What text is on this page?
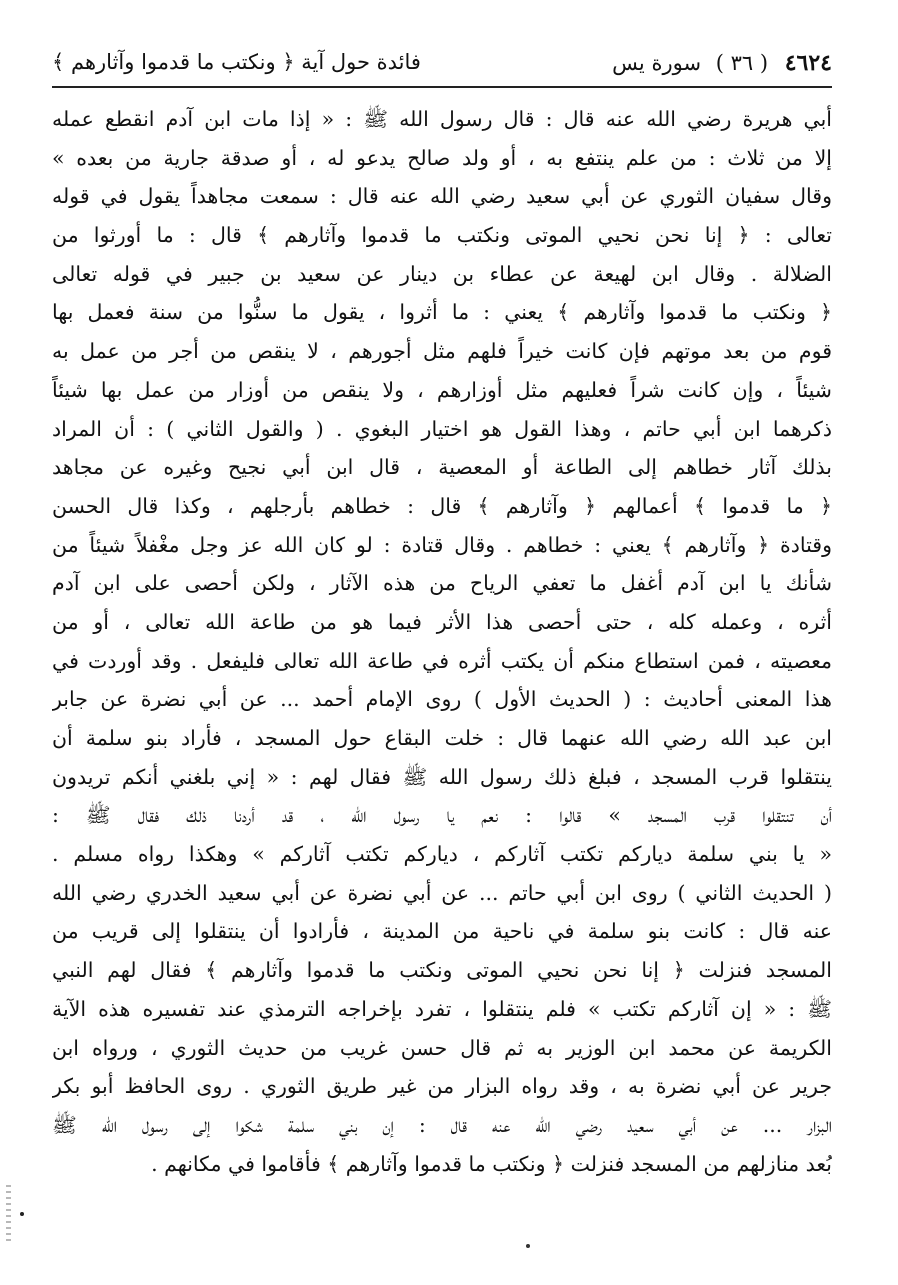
٤٦٢٤ ( ٣٦ ) سورة يس
فائدة حول آية ﴿ ونكتب ما قدموا وآثارهم ﴾
أبي هريرة رضي الله عنه قال : قال رسول الله ﷺ : « إذا مات ابن آدم انقطع عمله
إلا من ثلاث : من علم ينتفع به ، أو ولد صالح يدعو له ، أو صدقة جارية من بعده »
وقال سفيان الثوري عن أبي سعيد رضي الله عنه قال : سمعت مجاهداً يقول في قوله
تعالى : ﴿ إنا نحن نحيي الموتى ونكتب ما قدموا وآثارهم ﴾ قال : ما أورثوا من
الضلالة . وقال ابن لهيعة عن عطاء بن دينار عن سعيد بن جبير في قوله تعالى
﴿ ونكتب ما قدموا وآثارهم ﴾ يعني : ما أثروا ، يقول ما سنُّوا من سنة فعمل بها
قوم من بعد موتهم فإن كانت خيراً فلهم مثل أجورهم ، لا ينقص من أجر من عمل به
شيئاً ، وإن كانت شراً فعليهم مثل أوزارهم ، ولا ينقص من أوزار من عمل بها شيئاً
ذكرهما ابن أبي حاتم ، وهذا القول هو اختيار البغوي . ( والقول الثاني ) : أن المراد
بذلك آثار خطاهم إلى الطاعة أو المعصية ، قال ابن أبي نجيح وغيره عن مجاهد
﴿ ما قدموا ﴾ أعمالهم ﴿ وآثارهم ﴾ قال : خطاهم بأرجلهم ، وكذا قال الحسن
وقتادة ﴿ وآثارهم ﴾ يعني : خطاهم . وقال قتادة : لو كان الله عز وجل مغْفلاً شيئاً من
شأنك يا ابن آدم أغفل ما تعفي الرياح من هذه الآثار ، ولكن أحصى على ابن آدم
أثره ، وعمله كله ، حتى أحصى هذا الأثر فيما هو من طاعة الله تعالى ، أو من
معصيته ، فمن استطاع منكم أن يكتب أثره في طاعة الله تعالى فليفعل . وقد أوردت في
هذا المعنى أحاديث : ( الحديث الأول ) روى الإمام أحمد ... عن أبي نضرة عن جابر
ابن عبد الله رضي الله عنهما قال : خلت البقاع حول المسجد ، فأراد بنو سلمة أن
ينتقلوا قرب المسجد ، فبلغ ذلك رسول الله ﷺ فقال لهم : « إني بلغني أنكم تريدون
أن تنتقلوا قرب المسجد » قالوا : نعم يا رسول الله ، قد أردنا ذلك فقال ﷺ :
« يا بني سلمة دياركم تكتب آثاركم ، دياركم تكتب آثاركم » وهكذا رواه مسلم .
( الحديث الثاني ) روى ابن أبي حاتم ... عن أبي نضرة عن أبي سعيد الخدري رضي الله
عنه قال : كانت بنو سلمة في ناحية من المدينة ، فأرادوا أن ينتقلوا إلى قريب من
المسجد فنزلت ﴿ إنا نحن نحيي الموتى ونكتب ما قدموا وآثارهم ﴾ فقال لهم النبي
ﷺ : « إن آثاركم تكتب » فلم ينتقلوا ، تفرد بإخراجه الترمذي عند تفسيره هذه الآية
الكريمة عن محمد ابن الوزير به ثم قال حسن غريب من حديث الثوري ، ورواه ابن
جرير عن أبي نضرة به ، وقد رواه البزار من غير طريق الثوري . روى الحافظ أبو بكر
البزار ... عن أبي سعيد رضي الله عنه قال : إن بني سلمة شكوا إلى رسول الله ﷺ
بُعد منازلهم من المسجد فنزلت ﴿ ونكتب ما قدموا وآثارهم ﴾ فأقاموا في مكانهم .
